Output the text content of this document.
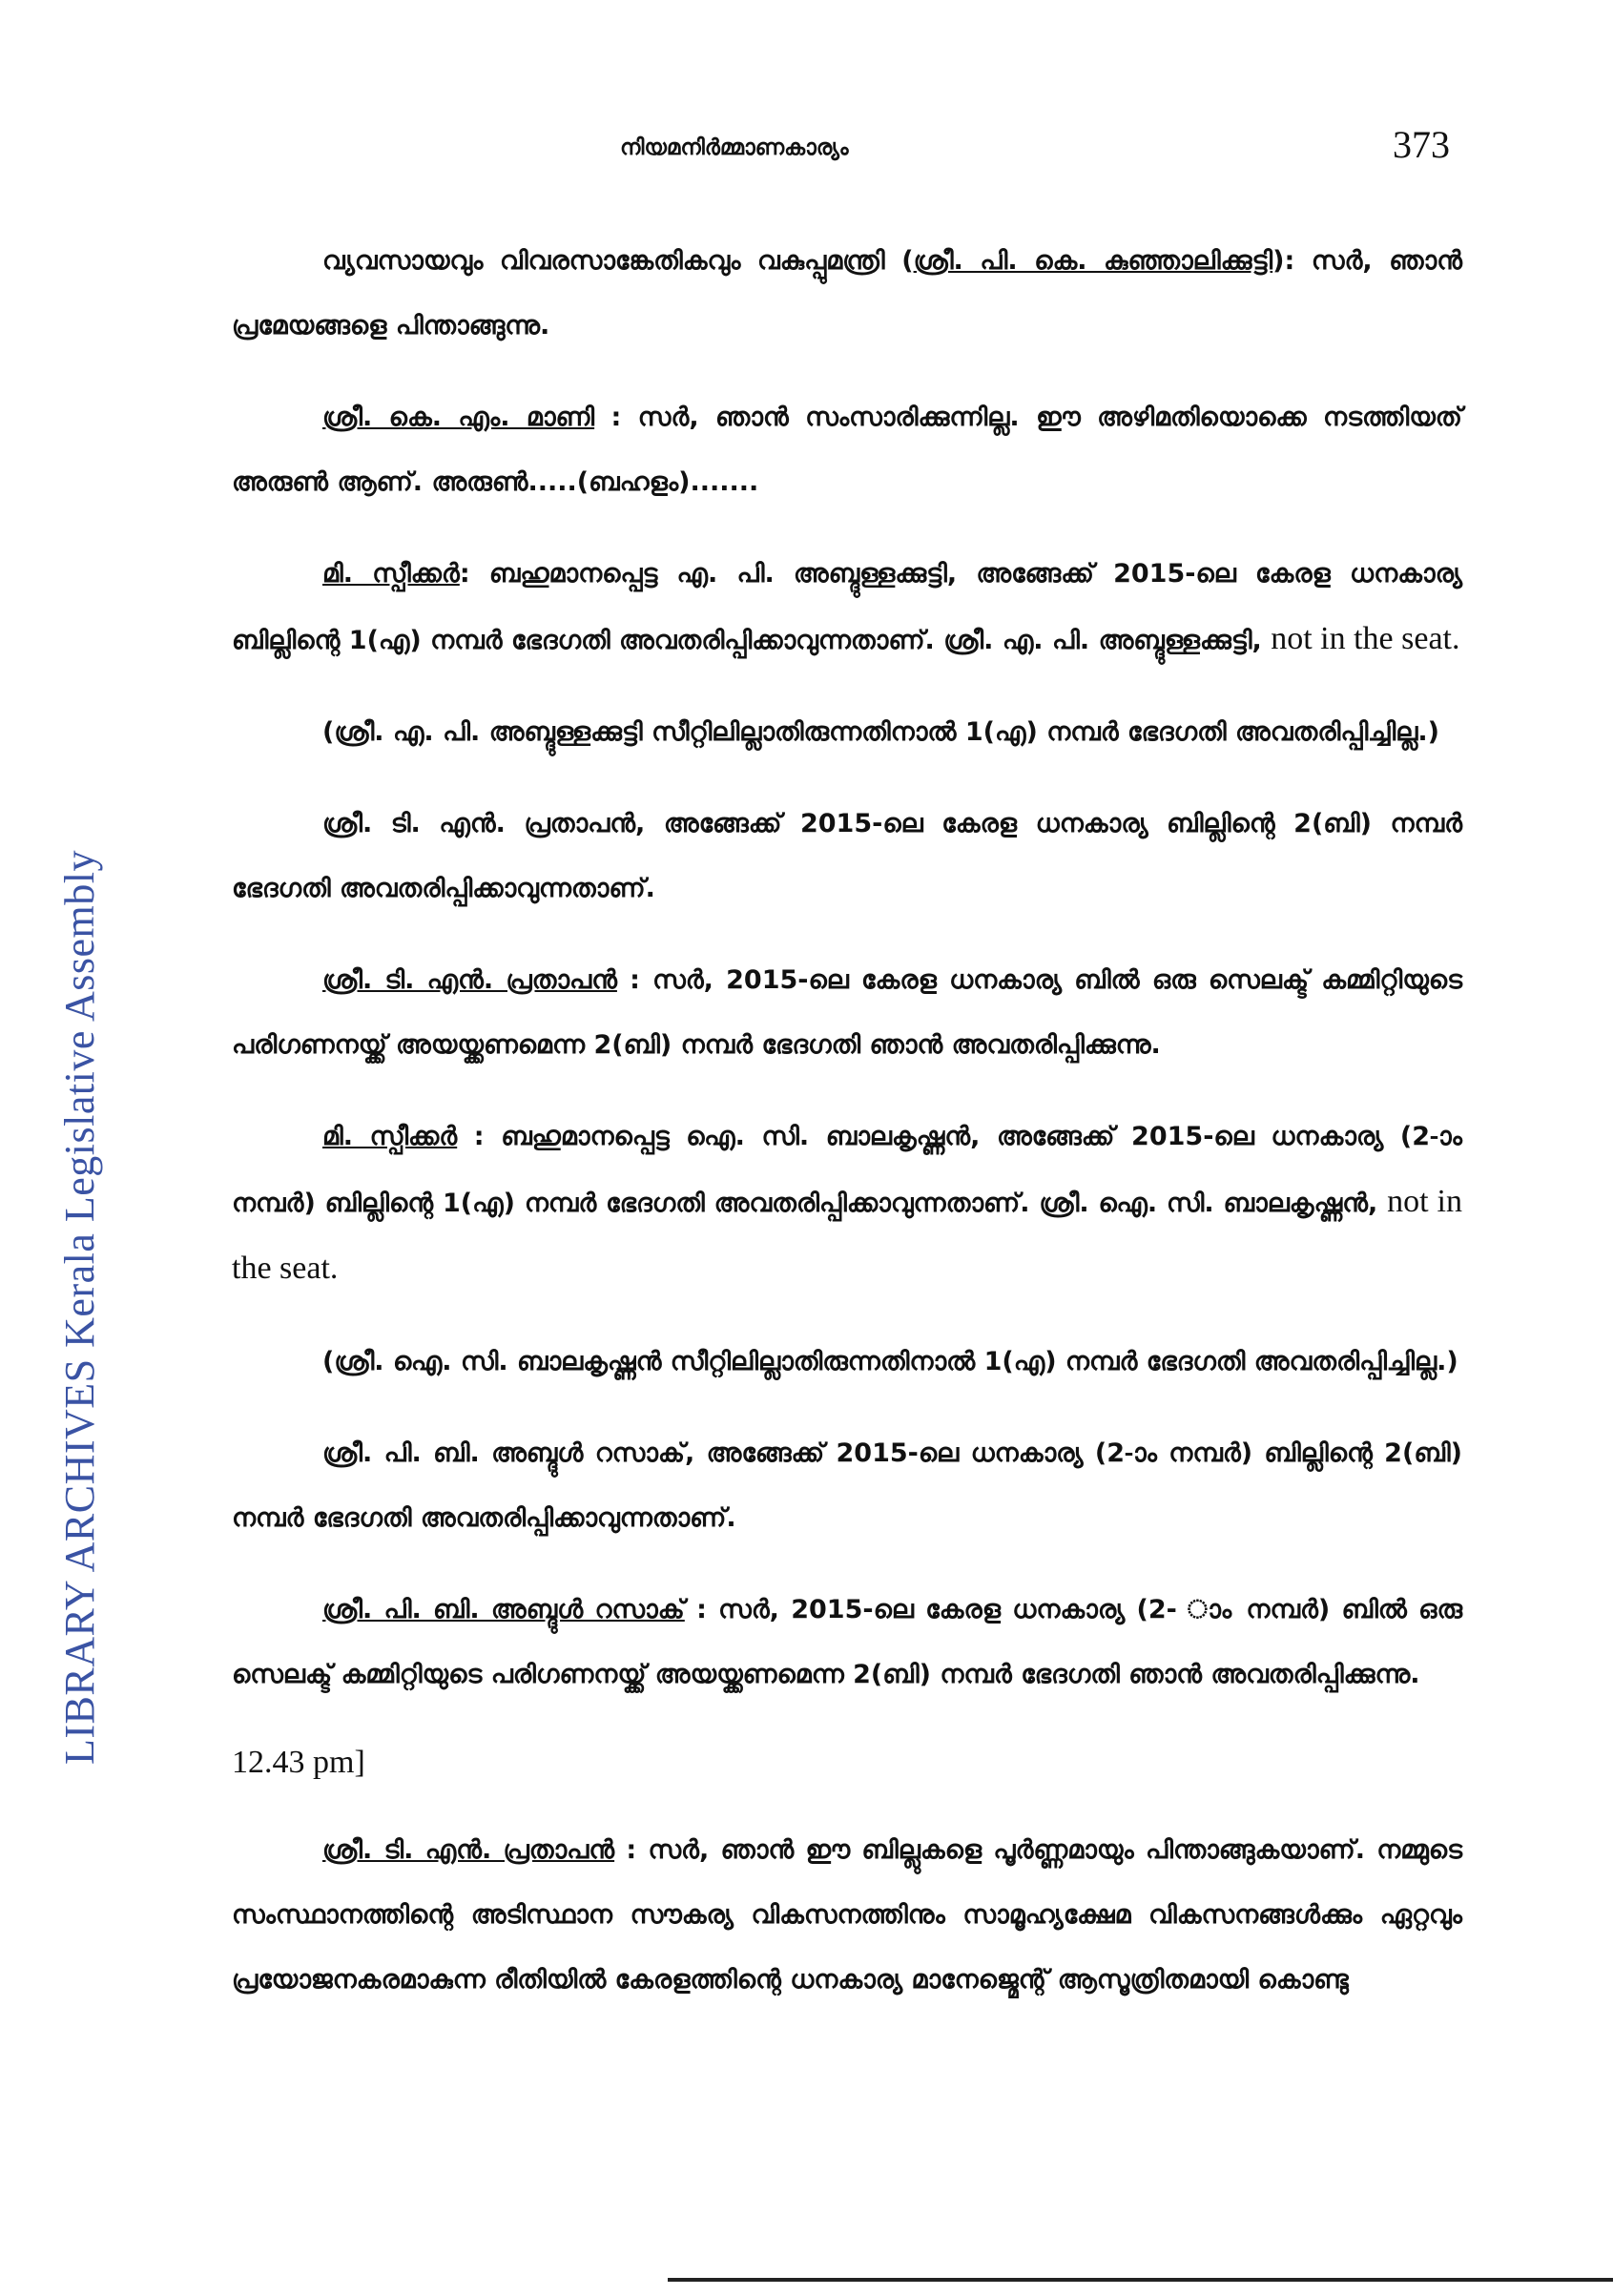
LIBRARY ARCHIVES Kerala Legislative Assembly
നിയമനിർമ്മാണകാര്യം	373

വ്യവസായവും വിവരസാങ്കേതികവും വകുപ്പുമന്ത്രി (ശ്രീ. പി. കെ. കുഞ്ഞാലിക്കുട്ടി): സർ, ഞാൻ പ്രമേയങ്ങളെ പിന്താങ്ങുന്നു.

ശ്രീ. കെ. എം. മാണി : സർ, ഞാൻ സംസാരിക്കുന്നില്ല. ഈ അഴിമതിയൊക്കെ നടത്തിയത് അരുൺ ആണ്. അരുൺ.....(ബഹളം).......

മി. സ്പീക്കർ: ബഹുമാനപ്പെട്ട എ. പി. അബ്ദുള്ളക്കുട്ടി, അങ്ങേക്ക് 2015-ലെ കേരള ധനകാര്യ ബില്ലിന്റെ 1(എ) നമ്പർ ഭേദഗതി അവതരിപ്പിക്കാവുന്നതാണ്. ശ്രീ. എ. പി. അബ്ദുള്ളക്കുട്ടി, not in the seat.

(ശ്രീ. എ. പി. അബ്ദുള്ളക്കുട്ടി സീറ്റിലില്ലാതിരുന്നതിനാൽ 1(എ) നമ്പർ ഭേദഗതി അവതരിപ്പിച്ചില്ല.)

ശ്രീ. ടി. എൻ. പ്രതാപൻ, അങ്ങേക്ക് 2015-ലെ കേരള ധനകാര്യ ബില്ലിന്റെ 2(ബി) നമ്പർ ഭേദഗതി അവതരിപ്പിക്കാവുന്നതാണ്.

ശ്രീ. ടി. എൻ. പ്രതാപൻ : സർ, 2015-ലെ കേരള ധനകാര്യ ബിൽ ഒരു സെലക്ട് കമ്മിറ്റിയുടെ പരിഗണനയ്ക്ക് അയയ്ക്കണമെന്ന 2(ബി) നമ്പർ ഭേദഗതി ഞാൻ അവതരിപ്പിക്കുന്നു.

മി. സ്പീക്കർ : ബഹുമാനപ്പെട്ട ഐ. സി. ബാലകൃഷ്ണൻ, അങ്ങേക്ക് 2015-ലെ ധനകാര്യ (2-ാം നമ്പർ) ബില്ലിന്റെ 1(എ) നമ്പർ ഭേദഗതി അവതരിപ്പിക്കാവുന്നതാണ്. ശ്രീ. ഐ. സി. ബാലകൃഷ്ണൻ, not in the seat.

(ശ്രീ. ഐ. സി. ബാലകൃഷ്ണൻ സീറ്റിലില്ലാതിരുന്നതിനാൽ 1(എ) നമ്പർ ഭേദഗതി അവതരിപ്പിച്ചില്ല.)

ശ്രീ. പി. ബി. അബ്ദുൾ റസാക്, അങ്ങേക്ക് 2015-ലെ ധനകാര്യ (2-ാം നമ്പർ) ബില്ലിന്റെ 2(ബി) നമ്പർ ഭേദഗതി അവതരിപ്പിക്കാവുന്നതാണ്.

ശ്രീ. പി. ബി. അബ്ദുൾ റസാക് : സർ, 2015-ലെ കേരള ധനകാര്യ (2- ാം നമ്പർ) ബിൽ ഒരു സെലക്ട് കമ്മിറ്റിയുടെ പരിഗണനയ്ക്ക് അയയ്ക്കണമെന്ന 2(ബി) നമ്പർ ഭേദഗതി ഞാൻ അവതരിപ്പിക്കുന്നു.

12.43 pm]

ശ്രീ. ടി. എൻ. പ്രതാപൻ : സർ, ഞാൻ ഈ ബില്ലുകളെ പൂർണ്ണമായും പിന്താങ്ങുകയാണ്. നമ്മുടെ സംസ്ഥാനത്തിന്റെ അടിസ്ഥാന സൗകര്യ വികസനത്തിനും സാമൂഹ്യക്ഷേമ വികസനങ്ങൾക്കും ഏറ്റവും പ്രയോജനകരമാകുന്ന രീതിയിൽ കേരളത്തിന്റെ ധനകാര്യ മാനേജ്മെന്റ് ആസൂത്രിതമായി കൊണ്ടു
